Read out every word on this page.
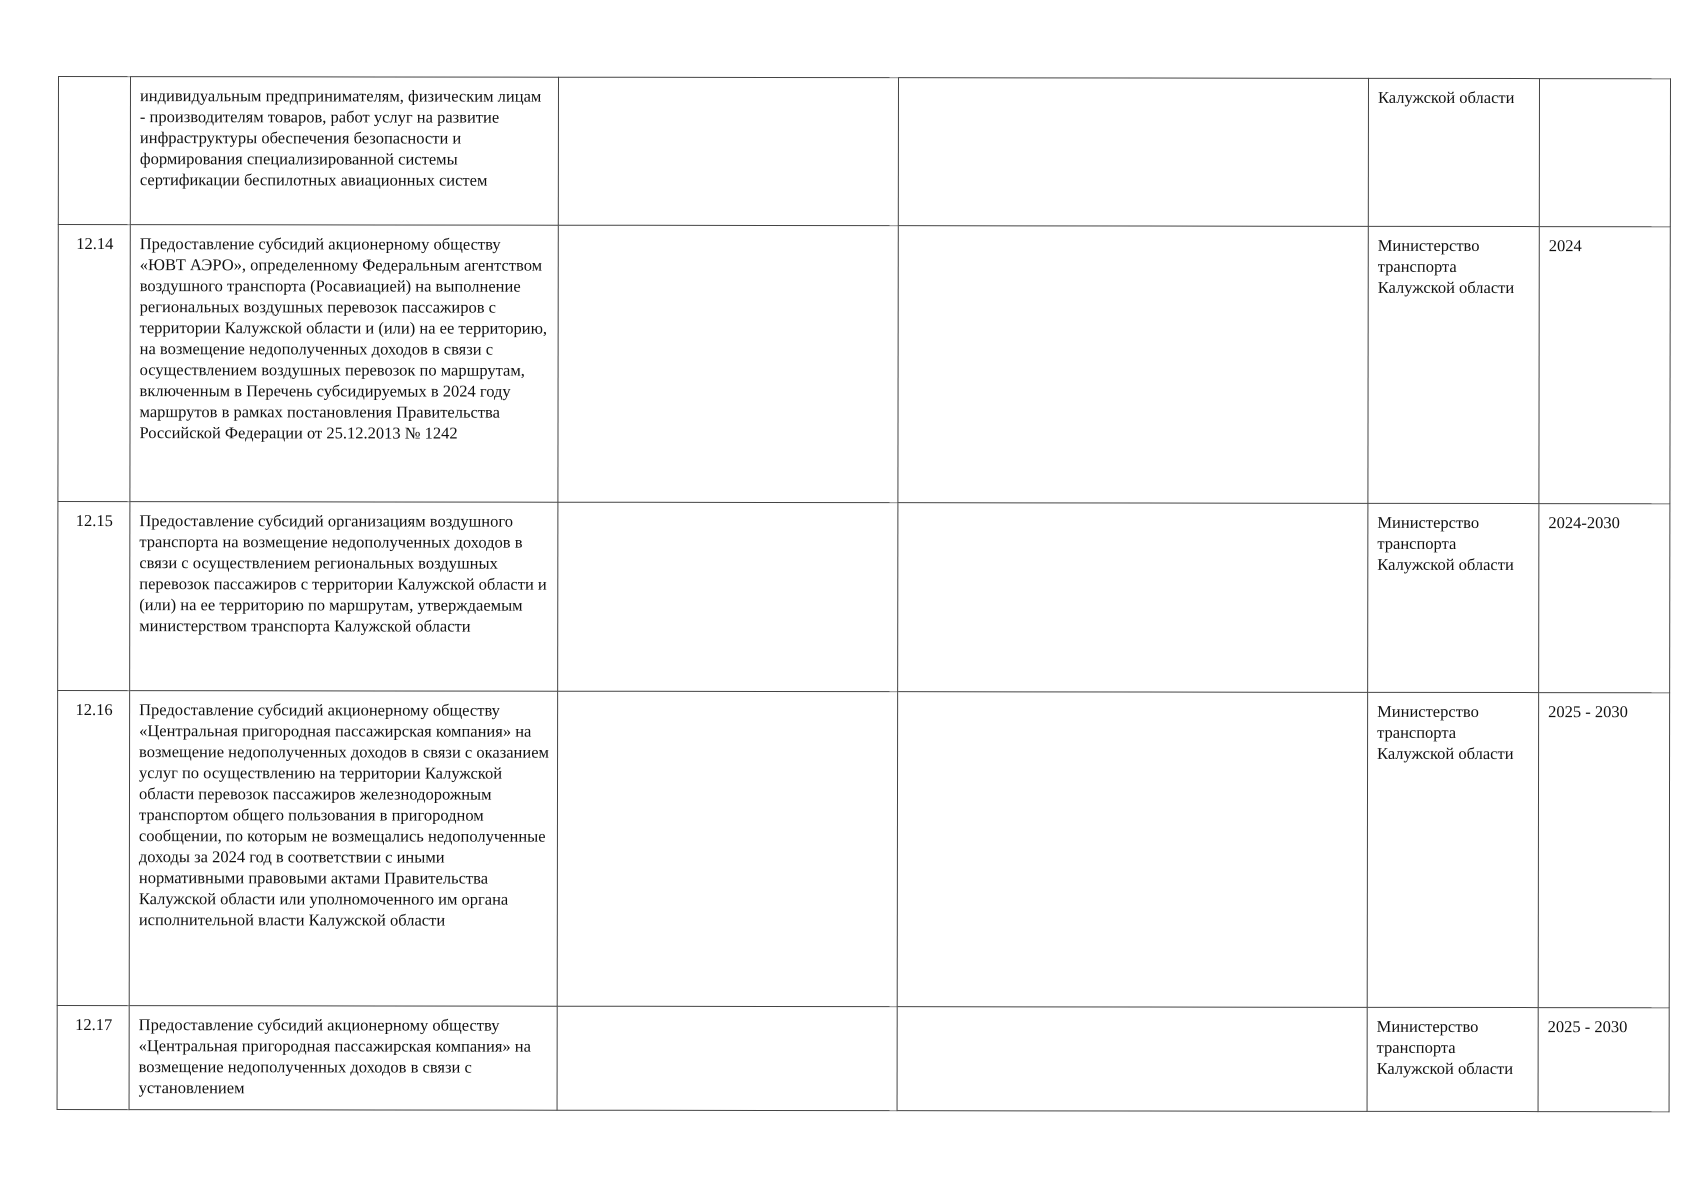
	индивидуальным предпринимателям, физическим лицам - производителям товаров, работ услуг на развитие инфраструктуры обеспечения безопасности и формирования специализированной системы сертификации беспилотных авиационных систем			Калужской области	
12.14	Предоставление субсидий акционерному обществу «ЮВТ АЭРО», определенному Федеральным агентством воздушного транспорта (Росавиацией) на выполнение региональных воздушных перевозок пассажиров с территории Калужской области и (или) на ее территорию, на возмещение недополученных доходов в связи с осуществлением воздушных перевозок по маршрутам, включенным в Перечень субсидируемых в 2024 году маршрутов в рамках постановления Правительства Российской Федерации от 25.12.2013 № 1242			Министерство транспорта Калужской области	2024
12.15	Предоставление субсидий организациям воздушного транспорта на возмещение недополученных доходов в связи с осуществлением региональных воздушных перевозок пассажиров с территории Калужской области и (или) на ее территорию по маршрутам, утверждаемым министерством транспорта Калужской области			Министерство транспорта Калужской области	2024-2030
12.16	Предоставление субсидий акционерному обществу «Центральная пригородная пассажирская компания» на возмещение недополученных доходов в связи с оказанием услуг по осуществлению на территории Калужской области перевозок пассажиров железнодорожным транспортом общего пользования в пригородном сообщении, по которым не возмещались недополученные доходы за 2024 год в соответствии с иными нормативными правовыми актами Правительства Калужской области или уполномоченного им органа исполнительной власти Калужской области			Министерство транспорта Калужской области	2025 - 2030
12.17	Предоставление субсидий акционерному обществу «Центральная пригородная пассажирская компания» на возмещение недополученных доходов в связи с установлением			Министерство транспорта Калужской области	2025 - 2030
